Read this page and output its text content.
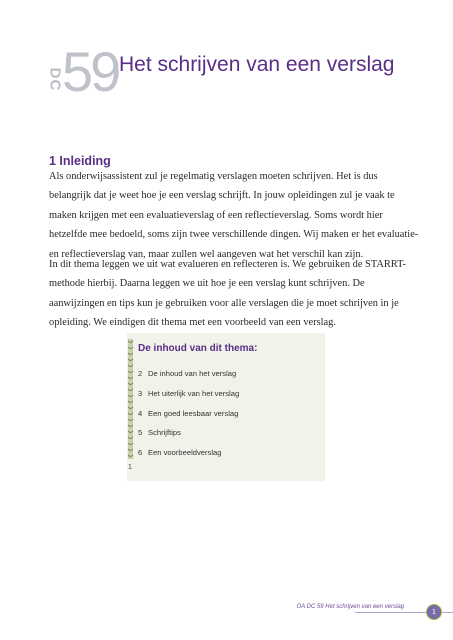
DC
59 Het schrijven van een verslag
1 Inleiding

Als onderwijsassistent zul je regelmatig verslagen moeten schrijven. Het is dus belangrijk dat je weet hoe je een verslag schrijft. In jouw opleidingen zul je vaak te maken krijgen met een evaluatieverslag of een reflectieverslag. Soms wordt hier hetzelfde mee bedoeld, soms zijn twee verschillende dingen. Wij maken er het evaluatie- en reflectieverslag van, maar zullen wel aangeven wat het verschil kan zijn.

In dit thema leggen we uit wat evalueren en reflecteren is. We gebruiken de STARRT- methode hierbij. Daarna leggen we uit hoe je een verslag kunt schrijven. De aanwijzingen en tips kun je gebruiken voor alle verslagen die je moet schrijven in je opleiding. We eindigen dit thema met een voorbeeld van een verslag.

1
De inhoud van dit thema:
2 De inhoud van het verslag
3 Het uiterlijk van het verslag
4 Een goed leesbaar verslag
5 Schrijftips
6 Een voorbeeldverslag
OA DC 59 Het schrijven van een verslag
1
